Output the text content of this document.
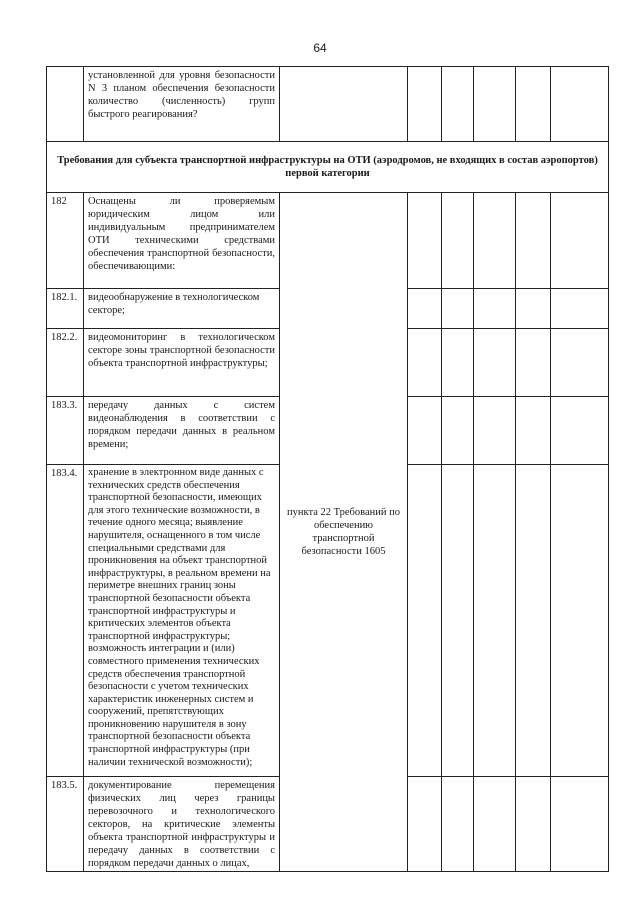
64
	установленной для уровня безопасности N 3 планом обеспечения безопасности количество (численность) групп быстрого реагирования?						
Требования для субъекта транспортной инфраструктуры на ОТИ (аэродромов, не входящих в состав аэропортов) первой категории							
182	Оснащены ли проверяемым юридическим лицом или индивидуальным предпринимателем ОТИ техническими средствами обеспечения транспортной безопасности, обеспечивающими:	пункта 22 Требований по обеспечению транспортной безопасности 1605					
182.1.	видеообнаружение в технологическом секторе;						
182.2.	видеомониторинг в технологическом секторе зоны транспортной безопасности объекта транспортной инфраструктуры;						
183.3.	передачу данных с систем видеонаблюдения в соответствии с порядком передачи данных в реальном времени;						
183.4.	хранение в электронном виде данных с технических средств обеспечения транспортной безопасности, имеющих для этого технические возможности, в течение одного месяца; выявление нарушителя, оснащенного в том числе специальными средствами для проникновения на объект транспортной инфраструктуры, в реальном времени на периметре внешних границ зоны транспортной безопасности объекта транспортной инфраструктуры и критических элементов объекта транспортной инфраструктуры; возможность интеграции и (или) совместного применения технических средств обеспечения транспортной безопасности с учетом технических характеристик инженерных систем и сооружений, препятствующих проникновению нарушителя в зону транспортной безопасности объекта транспортной инфраструктуры (при наличии технической возможности);						
183.5.	документирование перемещения физических лиц через границы перевозочного и технологического секторов, на критические элементы объекта транспортной инфраструктуры и передачу данных в соответствии с порядком передачи данных о лицах,						
